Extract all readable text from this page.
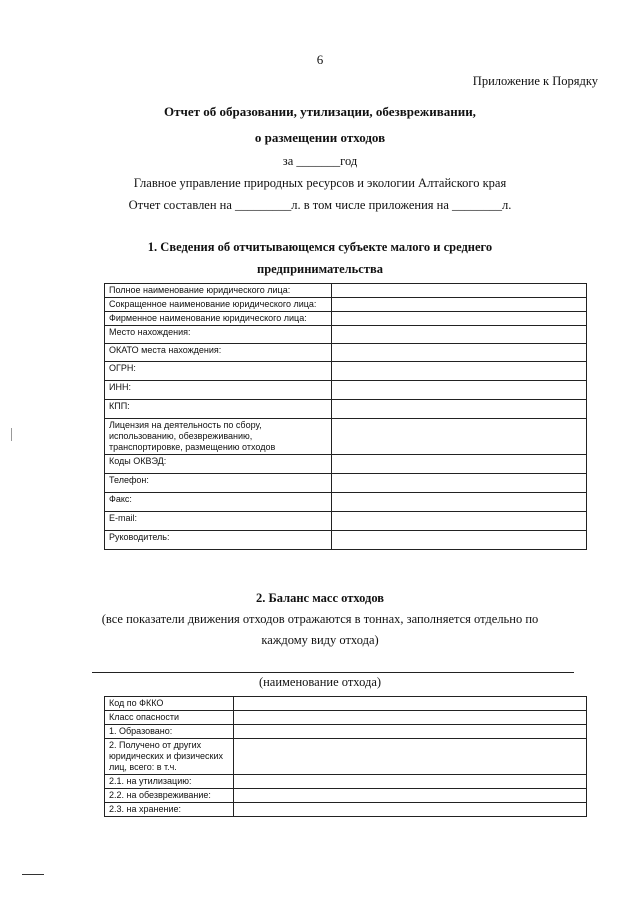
6
Приложение к Порядку
Отчет об образовании, утилизации, обезвреживании,
о размещении отходов
за _______год
Главное управление природных ресурсов и экологии Алтайского края
Отчет составлен на _________л. в том числе приложения на ________л.
1. Сведения об отчитывающемся субъекте малого и среднего
предпринимательства
Полное наименование юридического лица:	
Сокращенное наименование юридического лица:	
Фирменное наименование юридического лица:	
Место нахождения:	
ОКАТО места нахождения:	
ОГРН:	
ИНН:	
КПП:	
Лицензия на деятельность по сбору, использованию, обезвреживанию, транспортировке, размещению отходов	
Коды ОКВЭД:	
Телефон:	
Факс:	
E-mail:	
Руководитель:	
2. Баланс масс отходов
(все показатели движения отходов отражаются в тоннах, заполняется отдельно по
каждому виду отхода)
(наименование отхода)
Код по ФККО	
Класс опасности	
1. Образовано:	
2. Получено от других юридических и физических лиц, всего: в т.ч.	
2.1. на утилизацию:	
2.2. на обезвреживание:	
2.3. на хранение:	
